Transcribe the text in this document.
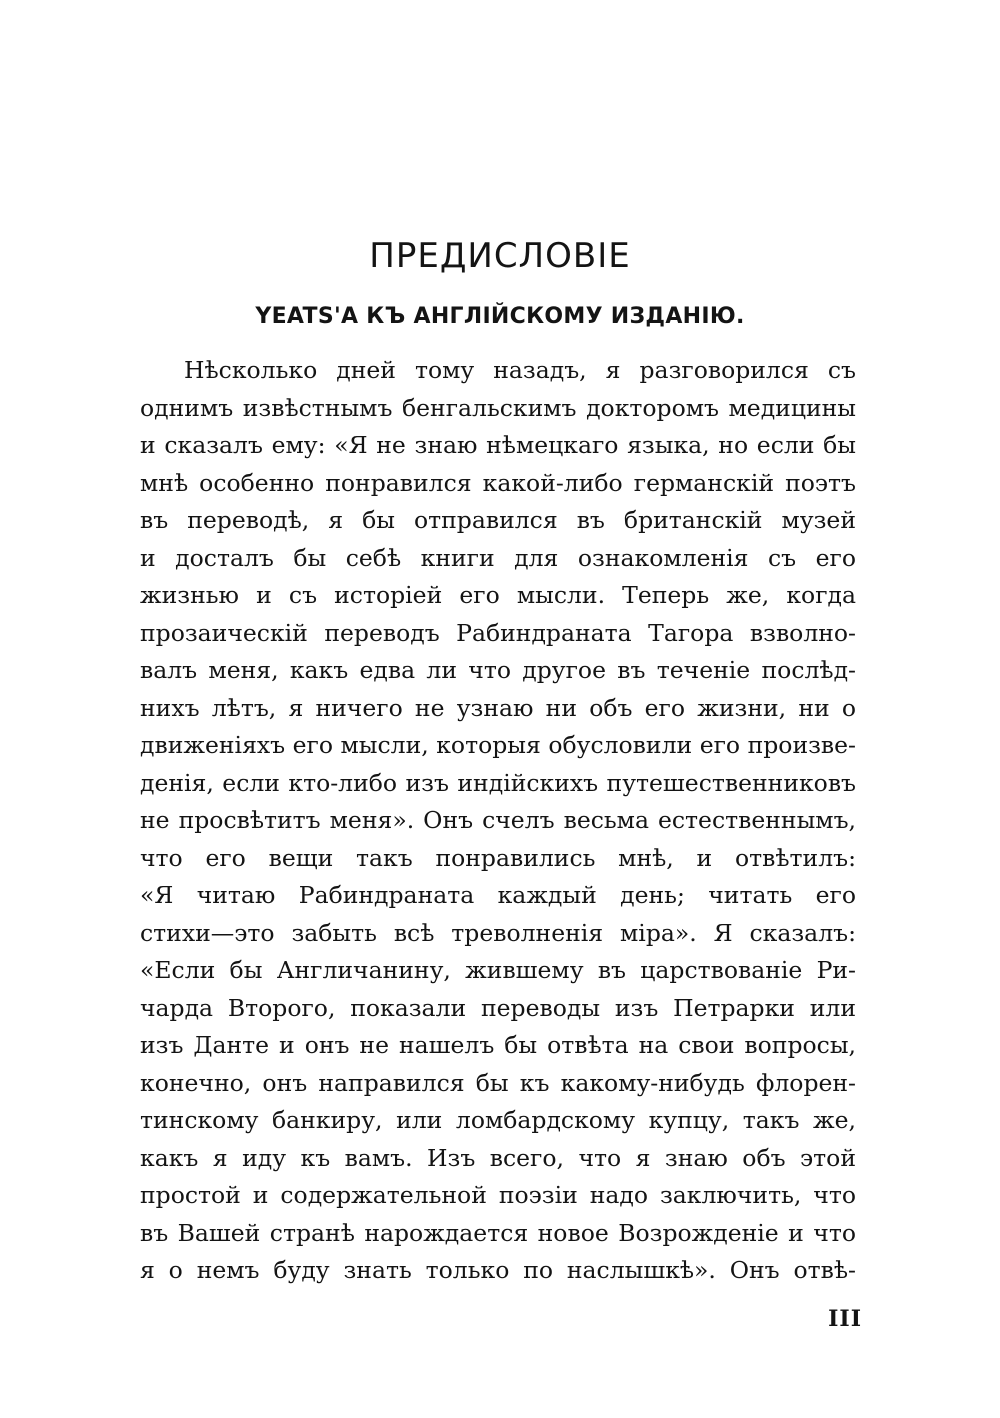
ПРЕДИСЛОВIЕ
YEATS'A КЪ АНГЛIЙСКОМУ ИЗДАНIЮ.
Нѣсколько дней тому назадъ, я разговорился съ
однимъ извѣстнымъ бенгальскимъ докторомъ медицины
и сказалъ ему: «Я не знаю нѣмецкаго языка, но если бы
мнѣ особенно понравился какой-либо германскiй поэтъ
въ переводѣ, я бы отправился въ британскiй музей
и досталъ бы себѣ книги для ознакомленiя съ его
жизнью и съ исторiей его мысли. Теперь же, когда
прозаическiй переводъ Рабиндраната Тагора взволно-
валъ меня, какъ едва ли что другое въ теченiе послѣд-
нихъ лѣтъ, я ничего не узнаю ни объ его жизни, ни о
движенiяхъ его мысли, которыя обусловили его произве-
денiя, если кто-либо изъ индiйскихъ путешественниковъ
не просвѣтитъ меня». Онъ счелъ весьма естественнымъ,
что его вещи такъ понравились мнѣ, и отвѣтилъ:
«Я читаю Рабиндраната каждый день; читать его
стихи—это забыть всѣ треволненiя мiра». Я сказалъ:
«Если бы Англичанину, жившему въ царствованiе Ри-
чарда Второго, показали переводы изъ Петрарки или
изъ Данте и онъ не нашелъ бы отвѣта на свои вопросы,
конечно, онъ направился бы къ какому-нибудь флорен-
тинскому банкиру, или ломбардскому купцу, такъ же,
какъ я иду къ вамъ. Изъ всего, что я знаю объ этой
простой и содержательной поэзiи надо заключить, что
въ Вашей странѣ нарождается новое Возрожденiе и что
я о немъ буду знать только по наслышкѣ». Онъ отвѣ-
III
